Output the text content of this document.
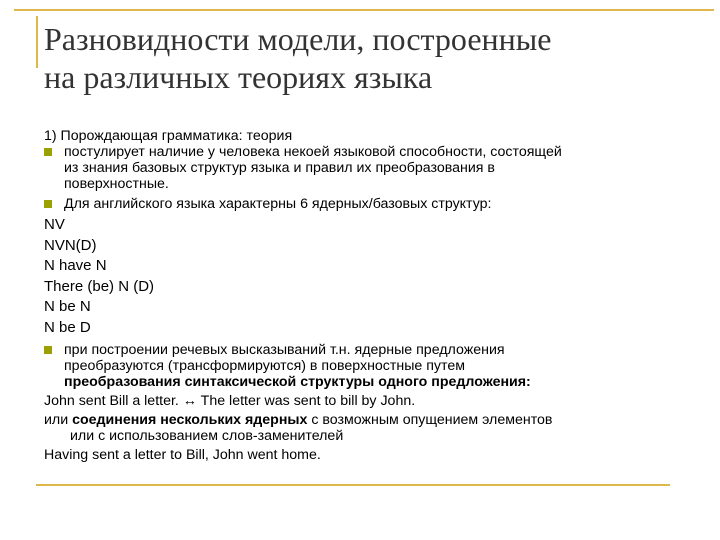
Разновидности модели, построенные
на различных теориях языка
1) Порождающая грамматика: теория
постулирует наличие у человека некоей языковой способности, состоящей
из знания базовых структур языка и правил их преобразования в
поверхностные.
Для английского языка характерны 6 ядерных/базовых структур:
NV
NVN(D)
N have N
There (be) N (D)
N be N
N be D
при построении речевых высказываний т.н. ядерные предложения
преобразуются (трансформируются) в поверхностные путем
преобразования синтаксической структуры одного предложения:
John sent Bill a letter. ↔ The letter was sent to bill by John.
или соединения нескольких ядерных с возможным опущением элементов
или с использованием слов-заменителей
Having sent a letter to Bill, John went home.
